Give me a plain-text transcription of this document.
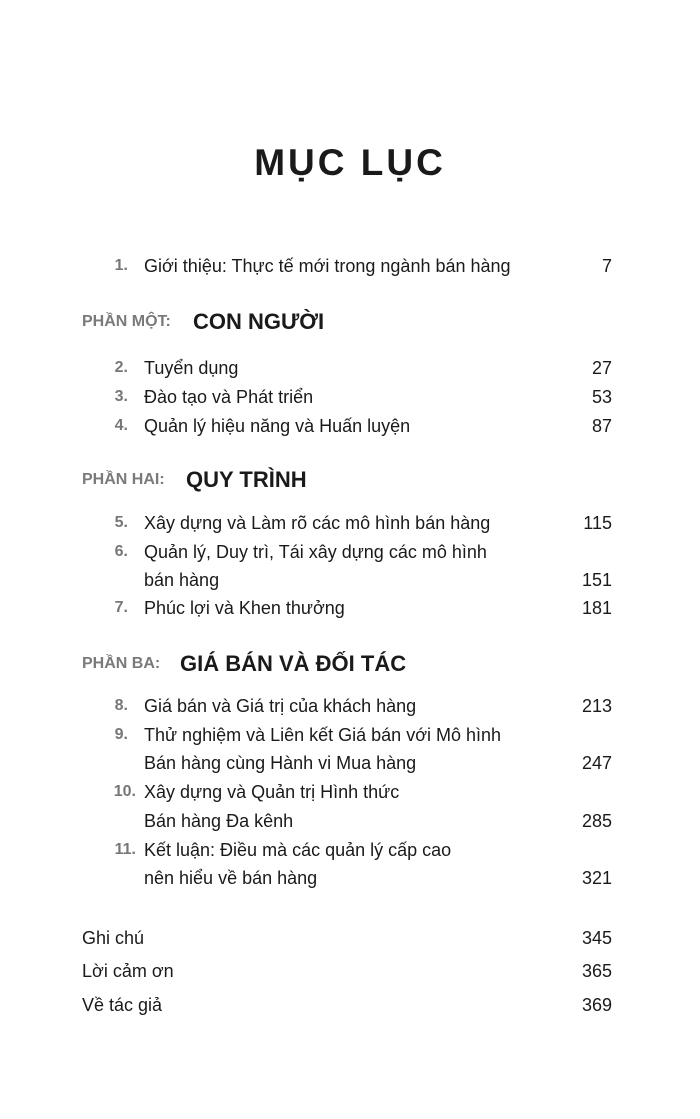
MỤC LỤC
1. Giới thiệu: Thực tế mới trong ngành bán hàng	7
PHẦN MỘT: CON NGƯỜI
2. Tuyển dụng	27
3. Đào tạo và Phát triển	53
4. Quản lý hiệu năng và Huấn luyện	87
PHẦN HAI: QUY TRÌNH
5. Xây dựng và Làm rõ các mô hình bán hàng	115
6. Quản lý, Duy trì, Tái xây dựng các mô hình
bán hàng	151
7. Phúc lợi và Khen thưởng	181
PHẦN BA: GIÁ BÁN VÀ ĐỐI TÁC
8. Giá bán và Giá trị của khách hàng	213
9. Thử nghiệm và Liên kết Giá bán với Mô hình
Bán hàng cùng Hành vi Mua hàng	247
10. Xây dựng và Quản trị Hình thức
Bán hàng Đa kênh	285
11. Kết luận: Điều mà các quản lý cấp cao
nên hiểu về bán hàng	321
Ghi chú	345
Lời cảm ơn	365
Về tác giả	369
